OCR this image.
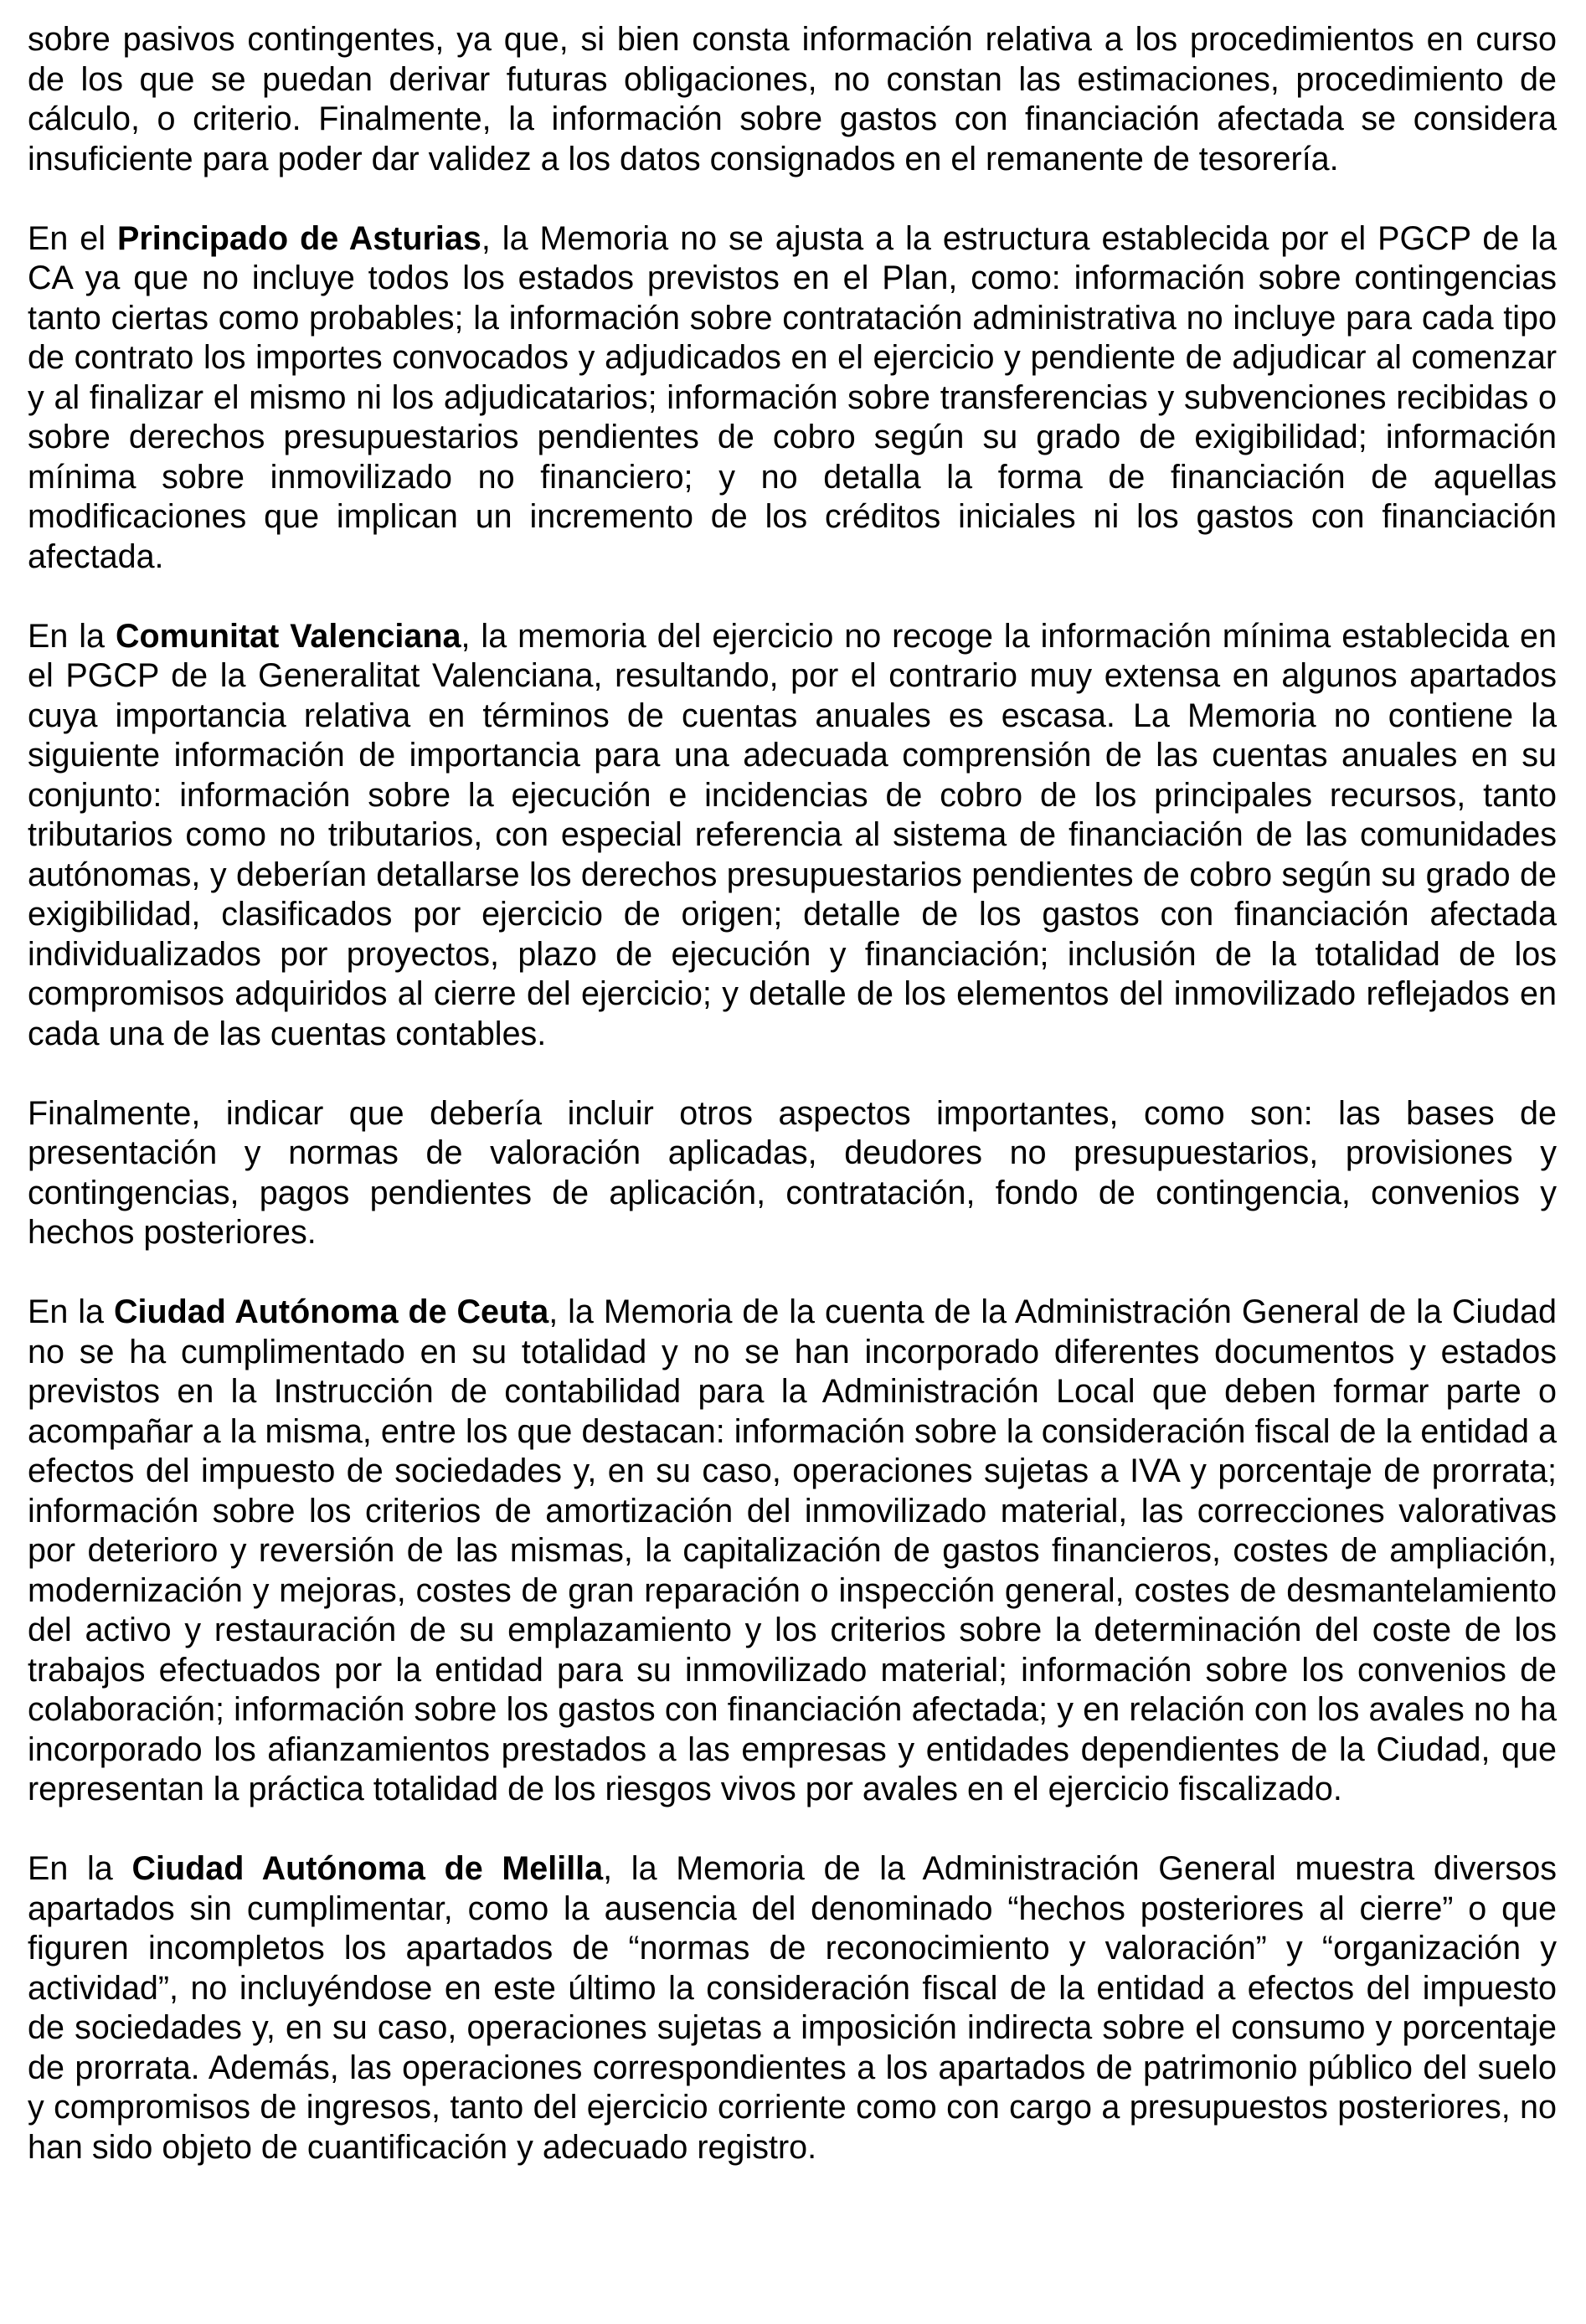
sobre pasivos contingentes, ya que, si bien consta información relativa a los procedimientos en curso de los que se puedan derivar futuras obligaciones, no constan las estimaciones, procedimiento de cálculo, o criterio. Finalmente, la información sobre gastos con financiación afectada se considera insuficiente para poder dar validez a los datos consignados en el remanente de tesorería.

En el Principado de Asturias, la Memoria no se ajusta a la estructura establecida por el PGCP de la CA ya que no incluye todos los estados previstos en el Plan, como: información sobre contingencias tanto ciertas como probables; la información sobre contratación administrativa no incluye para cada tipo de contrato los importes convocados y adjudicados en el ejercicio y pendiente de adjudicar al comenzar y al finalizar el mismo ni los adjudicatarios; información sobre transferencias y subvenciones recibidas o sobre derechos presupuestarios pendientes de cobro según su grado de exigibilidad; información mínima sobre inmovilizado no financiero; y no detalla la forma de financiación de aquellas modificaciones que implican un incremento de los créditos iniciales ni los gastos con financiación afectada.

En la Comunitat Valenciana, la memoria del ejercicio no recoge la información mínima establecida en el PGCP de la Generalitat Valenciana, resultando, por el contrario muy extensa en algunos apartados cuya importancia relativa en términos de cuentas anuales es escasa. La Memoria no contiene la siguiente información de importancia para una adecuada comprensión de las cuentas anuales en su conjunto: información sobre la ejecución e incidencias de cobro de los principales recursos, tanto tributarios como no tributarios, con especial referencia al sistema de financiación de las comunidades autónomas, y deberían detallarse los derechos presupuestarios pendientes de cobro según su grado de exigibilidad, clasificados por ejercicio de origen; detalle de los gastos con financiación afectada individualizados por proyectos, plazo de ejecución y financiación; inclusión de la totalidad de los compromisos adquiridos al cierre del ejercicio; y detalle de los elementos del inmovilizado reflejados en cada una de las cuentas contables.

Finalmente, indicar que debería incluir otros aspectos importantes, como son: las bases de presentación y normas de valoración aplicadas, deudores no presupuestarios, provisiones y contingencias, pagos pendientes de aplicación, contratación, fondo de contingencia, convenios y hechos posteriores.

En la Ciudad Autónoma de Ceuta, la Memoria de la cuenta de la Administración General de la Ciudad no se ha cumplimentado en su totalidad y no se han incorporado diferentes documentos y estados previstos en la Instrucción de contabilidad para la Administración Local que deben formar parte o acompañar a la misma, entre los que destacan: información sobre la consideración fiscal de la entidad a efectos del impuesto de sociedades y, en su caso, operaciones sujetas a IVA y porcentaje de prorrata; información sobre los criterios de amortización del inmovilizado material, las correcciones valorativas por deterioro y reversión de las mismas, la capitalización de gastos financieros, costes de ampliación, modernización y mejoras, costes de gran reparación o inspección general, costes de desmantelamiento del activo y restauración de su emplazamiento y los criterios sobre la determinación del coste de los trabajos efectuados por la entidad para su inmovilizado material; información sobre los convenios de colaboración; información sobre los gastos con financiación afectada; y en relación con los avales no ha incorporado los afianzamientos prestados a las empresas y entidades dependientes de la Ciudad, que representan la práctica totalidad de los riesgos vivos por avales en el ejercicio fiscalizado.

En la Ciudad Autónoma de Melilla, la Memoria de la Administración General muestra diversos apartados sin cumplimentar, como la ausencia del denominado “hechos posteriores al cierre” o que figuren incompletos los apartados de “normas de reconocimiento y valoración” y “organización y actividad”, no incluyéndose en este último la consideración fiscal de la entidad a efectos del impuesto de sociedades y, en su caso, operaciones sujetas a imposición indirecta sobre el consumo y porcentaje de prorrata. Además, las operaciones correspondientes a los apartados de patrimonio público del suelo y compromisos de ingresos, tanto del ejercicio corriente como con cargo a presupuestos posteriores, no han sido objeto de cuantificación y adecuado registro.
